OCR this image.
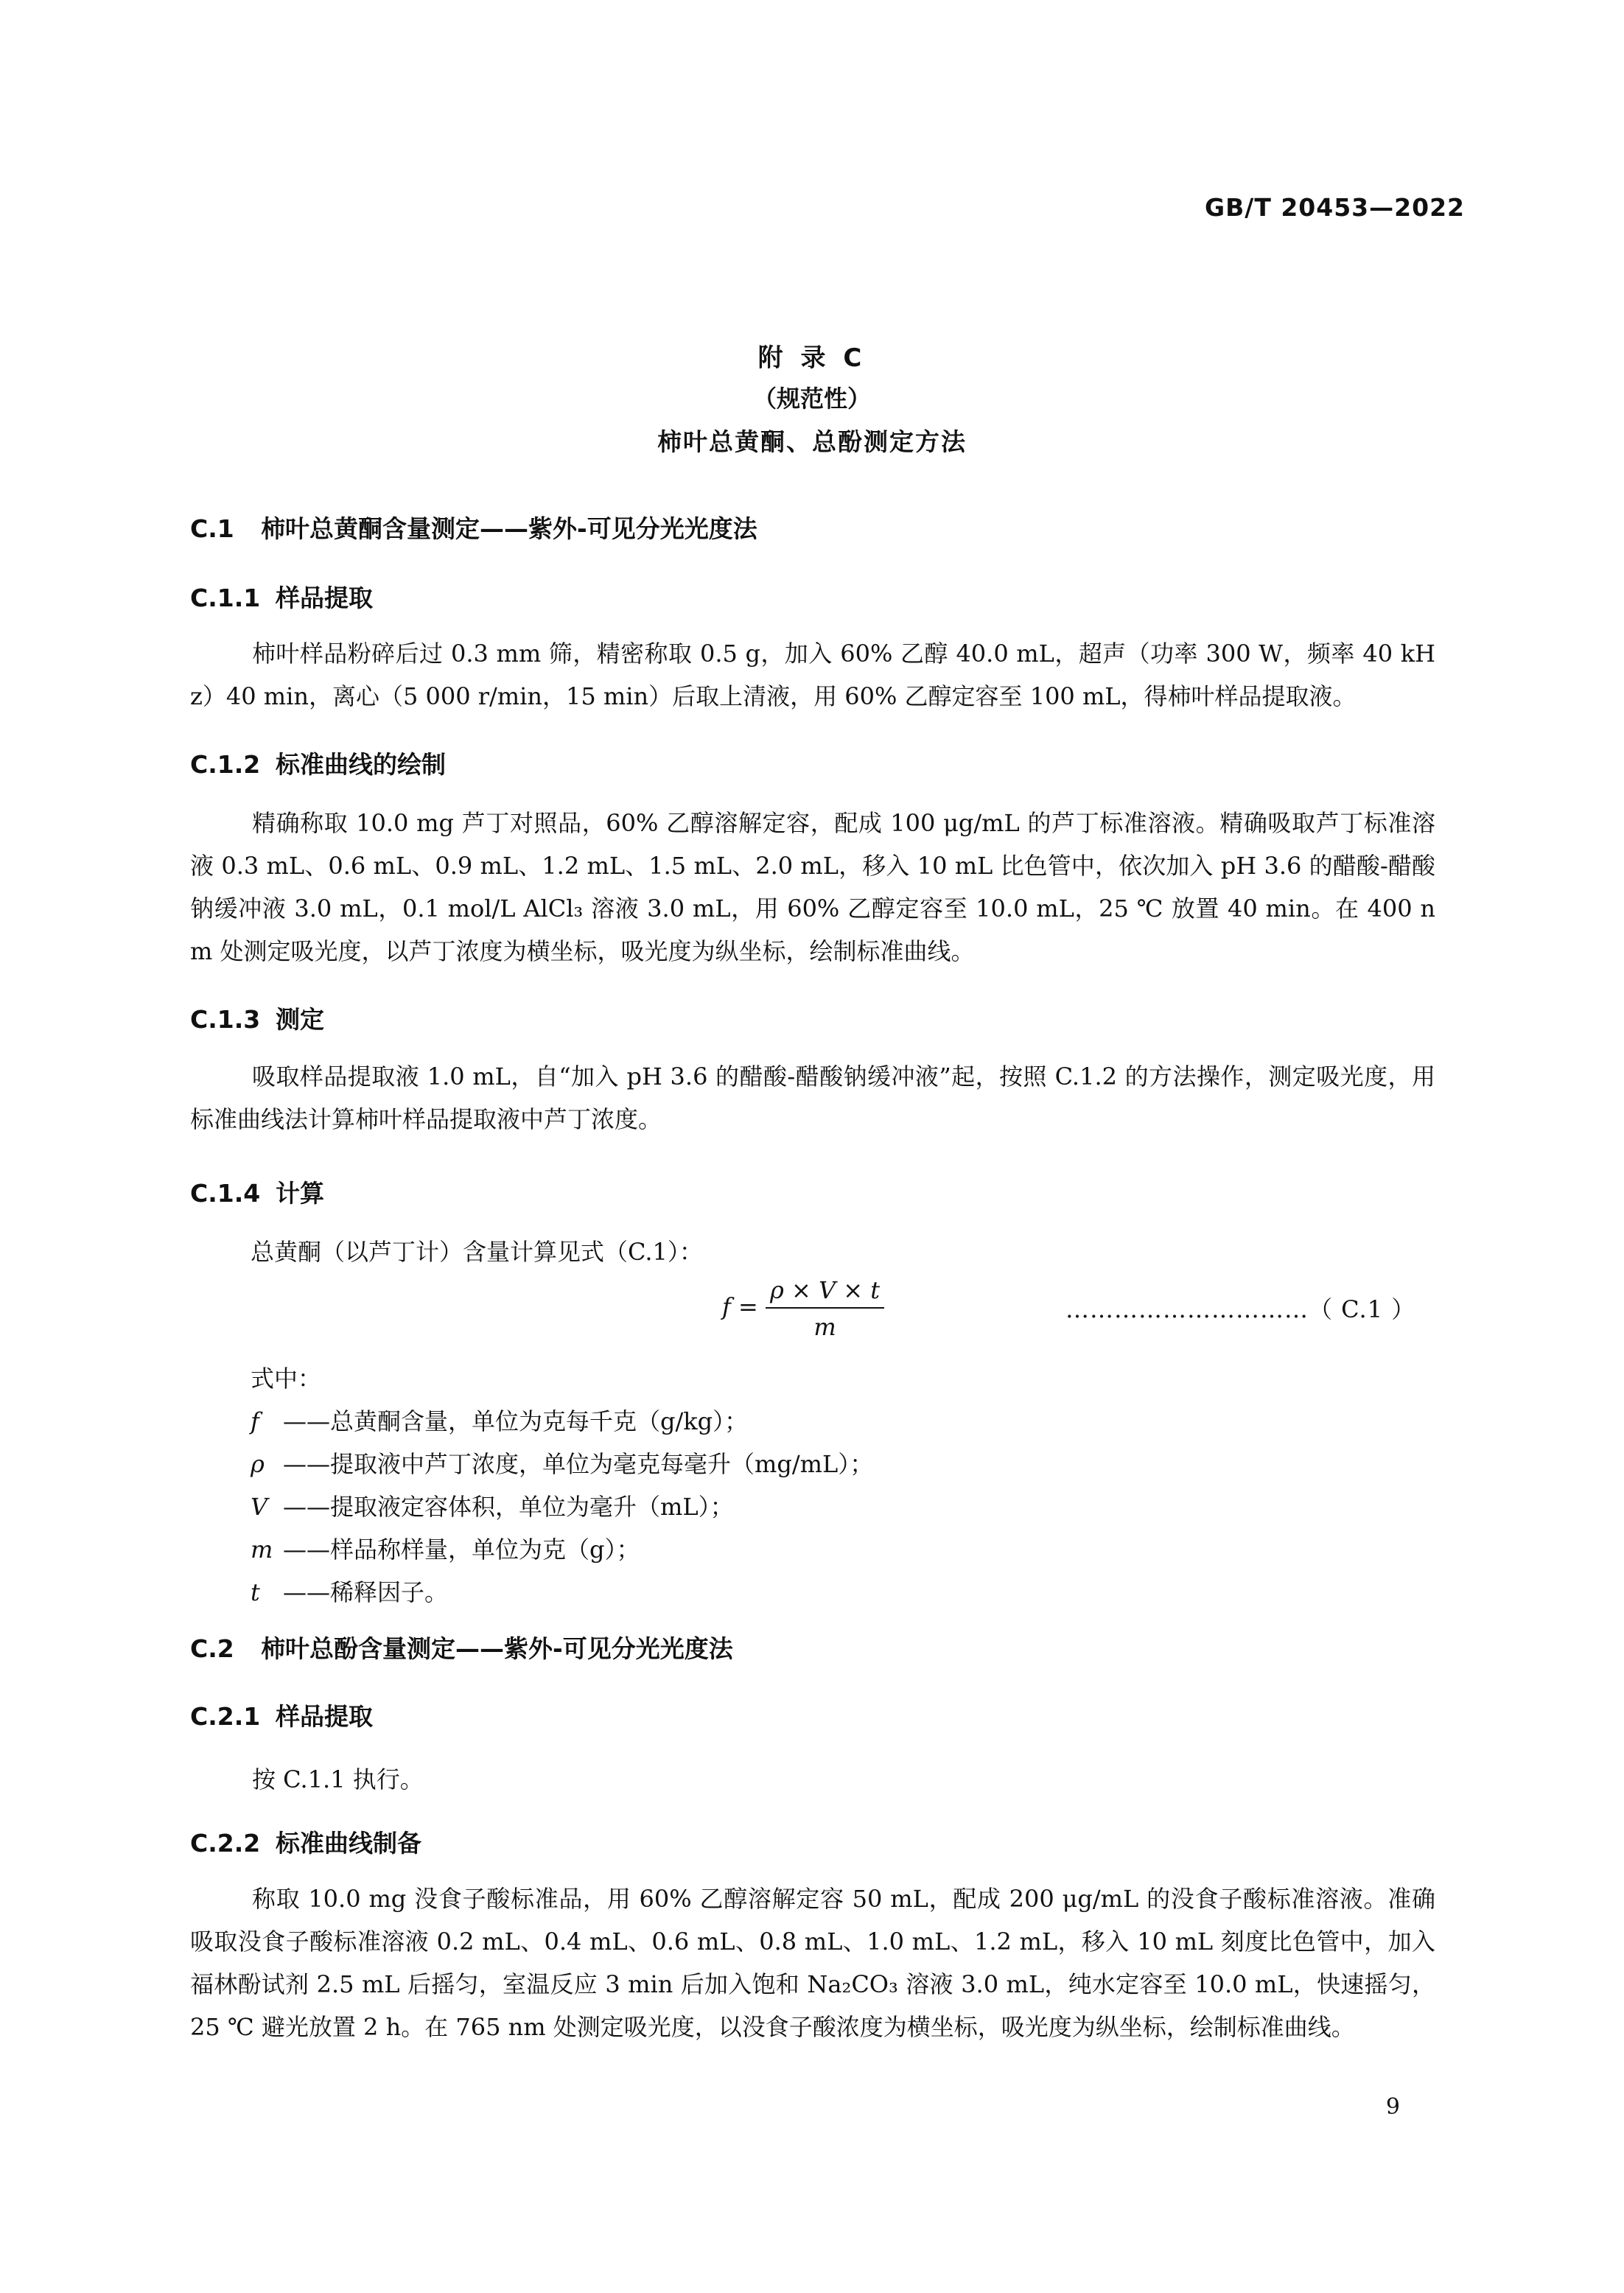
GB/T 20453—2022
附 录 C
（规范性）
柿叶总黄酮、总酚测定方法
C.1 柿叶总黄酮含量测定——紫外-可见分光光度法
C.1.1 样品提取
柿叶样品粉碎后过 0.3 mm 筛，精密称取 0.5 g，加入 60% 乙醇 40.0 mL，超声（功率 300 W，频率 40 kHz）40 min，离心（5 000 r/min，15 min）后取上清液，用 60% 乙醇定容至 100 mL，得柿叶样品提取液。
C.1.2 标准曲线的绘制
精确称取 10.0 mg 芦丁对照品，60% 乙醇溶解定容，配成 100 μg/mL 的芦丁标准溶液。精确吸取芦丁标准溶液 0.3 mL、0.6 mL、0.9 mL、1.2 mL、1.5 mL、2.0 mL，移入 10 mL 比色管中，依次加入 pH 3.6 的醋酸-醋酸钠缓冲液 3.0 mL，0.1 mol/L AlCl₃ 溶液 3.0 mL，用 60% 乙醇定容至 10.0 mL，25 ℃ 放置 40 min。在 400 nm 处测定吸光度，以芦丁浓度为横坐标，吸光度为纵坐标，绘制标准曲线。
C.1.3 测定
吸取样品提取液 1.0 mL，自“加入 pH 3.6 的醋酸-醋酸钠缓冲液”起，按照 C.1.2 的方法操作，测定吸光度，用标准曲线法计算柿叶样品提取液中芦丁浓度。
C.1.4 计算
总黄酮（以芦丁计）含量计算见式（C.1）：
$f = \frac{\rho \times V \times t}{m}$	…………………………（ C.1 ）
式中：
f ——总黄酮含量，单位为克每千克（g/kg）；
ρ ——提取液中芦丁浓度，单位为毫克每毫升（mg/mL）；
V ——提取液定容体积，单位为毫升（mL）；
m ——样品称样量，单位为克（g）；
t ——稀释因子。
C.2 柿叶总酚含量测定——紫外-可见分光光度法
C.2.1 样品提取
按 C.1.1 执行。
C.2.2 标准曲线制备
称取 10.0 mg 没食子酸标准品，用 60% 乙醇溶解定容 50 mL，配成 200 μg/mL 的没食子酸标准溶液。准确吸取没食子酸标准溶液 0.2 mL、0.4 mL、0.6 mL、0.8 mL、1.0 mL、1.2 mL，移入 10 mL 刻度比色管中，加入福林酚试剂 2.5 mL 后摇匀，室温反应 3 min 后加入饱和 Na₂CO₃ 溶液 3.0 mL，纯水定容至 10.0 mL，快速摇匀，25 ℃ 避光放置 2 h。在 765 nm 处测定吸光度，以没食子酸浓度为横坐标，吸光度为纵坐标，绘制标准曲线。
9
